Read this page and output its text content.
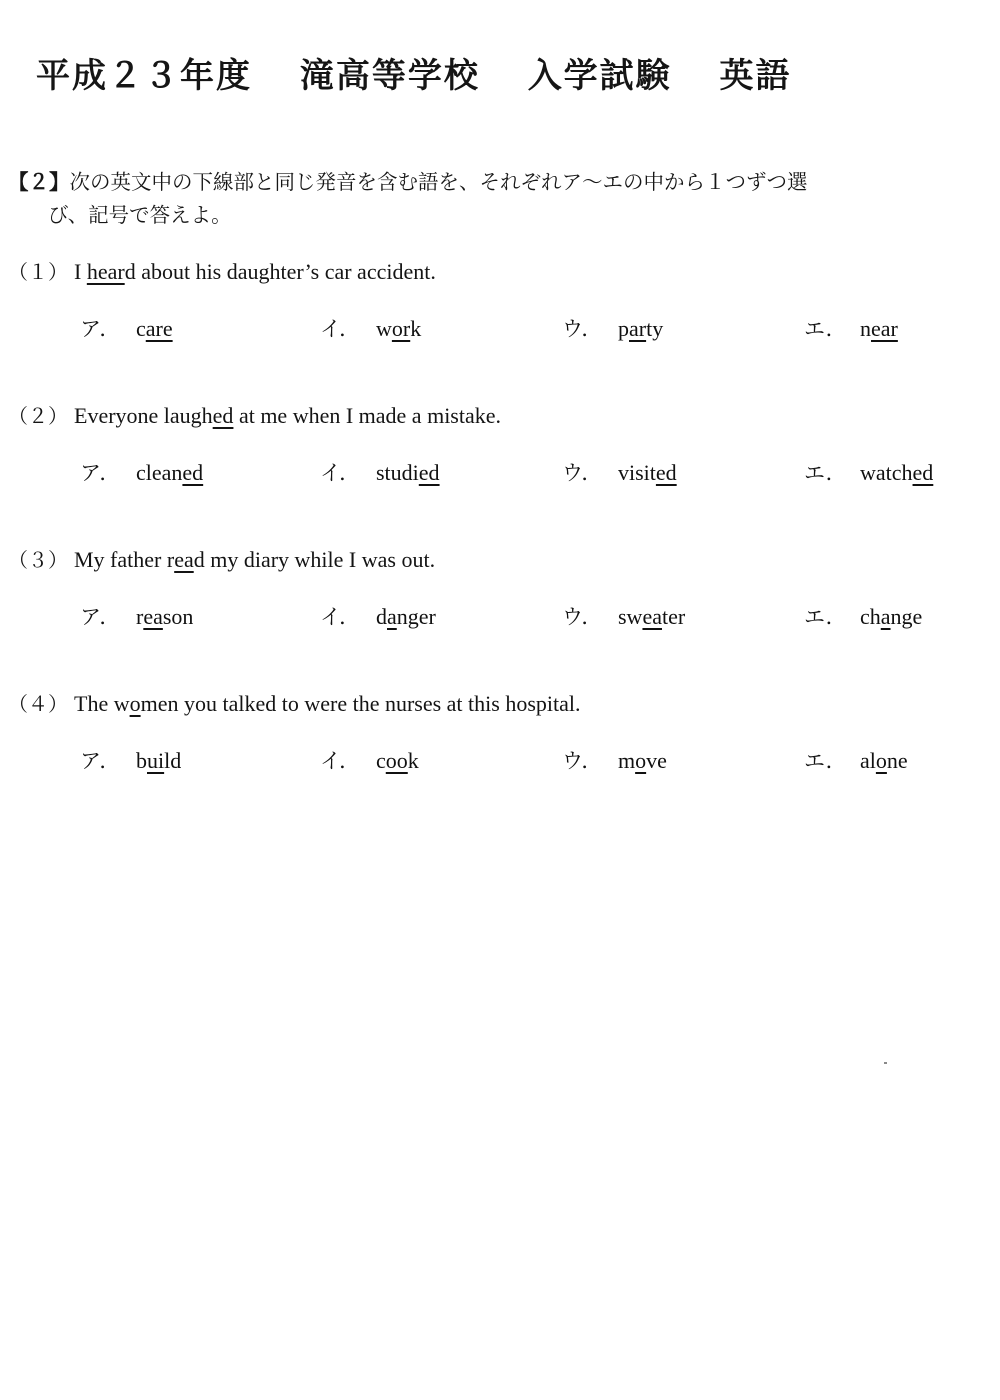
平成２３年度 滝高等学校 入学試験 英語
【２】次の英文中の下線部と同じ発音を含む語を、それぞれア～エの中から１つずつ選
び、記号で答えよ。
（１） I heard about his daughter’s car accident.
ア． care	イ． work	ウ． party	エ． near
（２） Everyone laughed at me when I made a mistake.
ア． cleaned	イ． studied	ウ． visited	エ． watched
（３） My father read my diary while I was out.
ア． reason	イ． danger	ウ． sweater	エ． change
（４） The women you talked to were the nurses at this hospital.
ア． build	イ． cook	ウ． move	エ． alone
